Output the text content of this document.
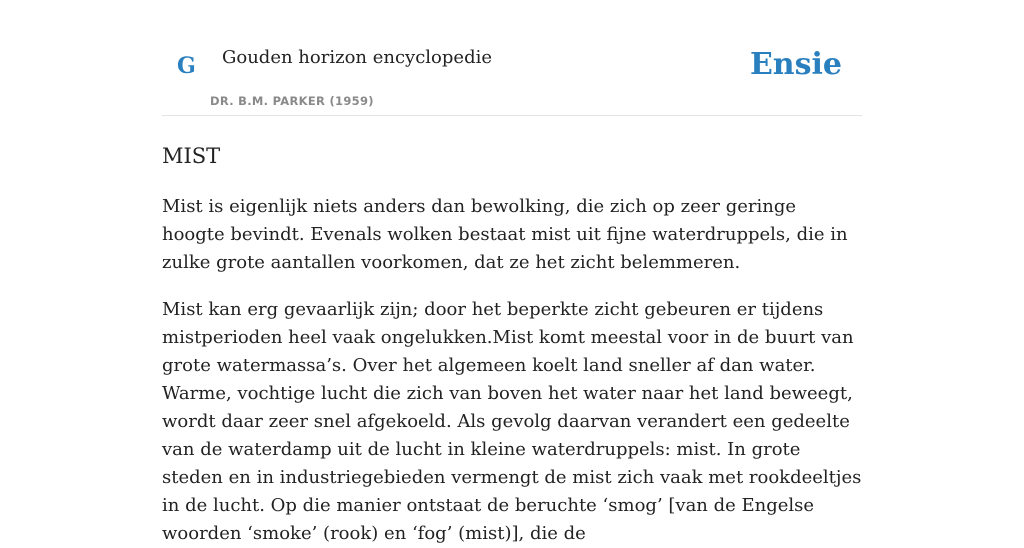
G Gouden horizon encyclopedie
DR. B.M. PARKER (1959)
Ensie
MIST

Mist is eigenlijk niets anders dan bewolking, die zich op zeer geringe hoogte bevindt. Evenals wolken bestaat mist uit fijne waterdruppels, die in zulke grote aantallen voorkomen, dat ze het zicht belemmeren.

Mist kan erg gevaarlijk zijn; door het beperkte zicht gebeuren er tijdens mistperioden heel vaak ongelukken.Mist komt meestal voor in de buurt van grote watermassa’s. Over het algemeen koelt land sneller af dan water. Warme, vochtige lucht die zich van boven het water naar het land beweegt, wordt daar zeer snel afgekoeld. Als gevolg daarvan verandert een gedeelte van de waterdamp uit de lucht in kleine waterdruppels: mist. In grote steden en in industriegebieden vermengt de mist zich vaak met rookdeeltjes in de lucht. Op die manier ontstaat de beruchte ‘smog’ [van de Engelse woorden ‘smoke’ (rook) en ‘fog’ (mist)], die de
